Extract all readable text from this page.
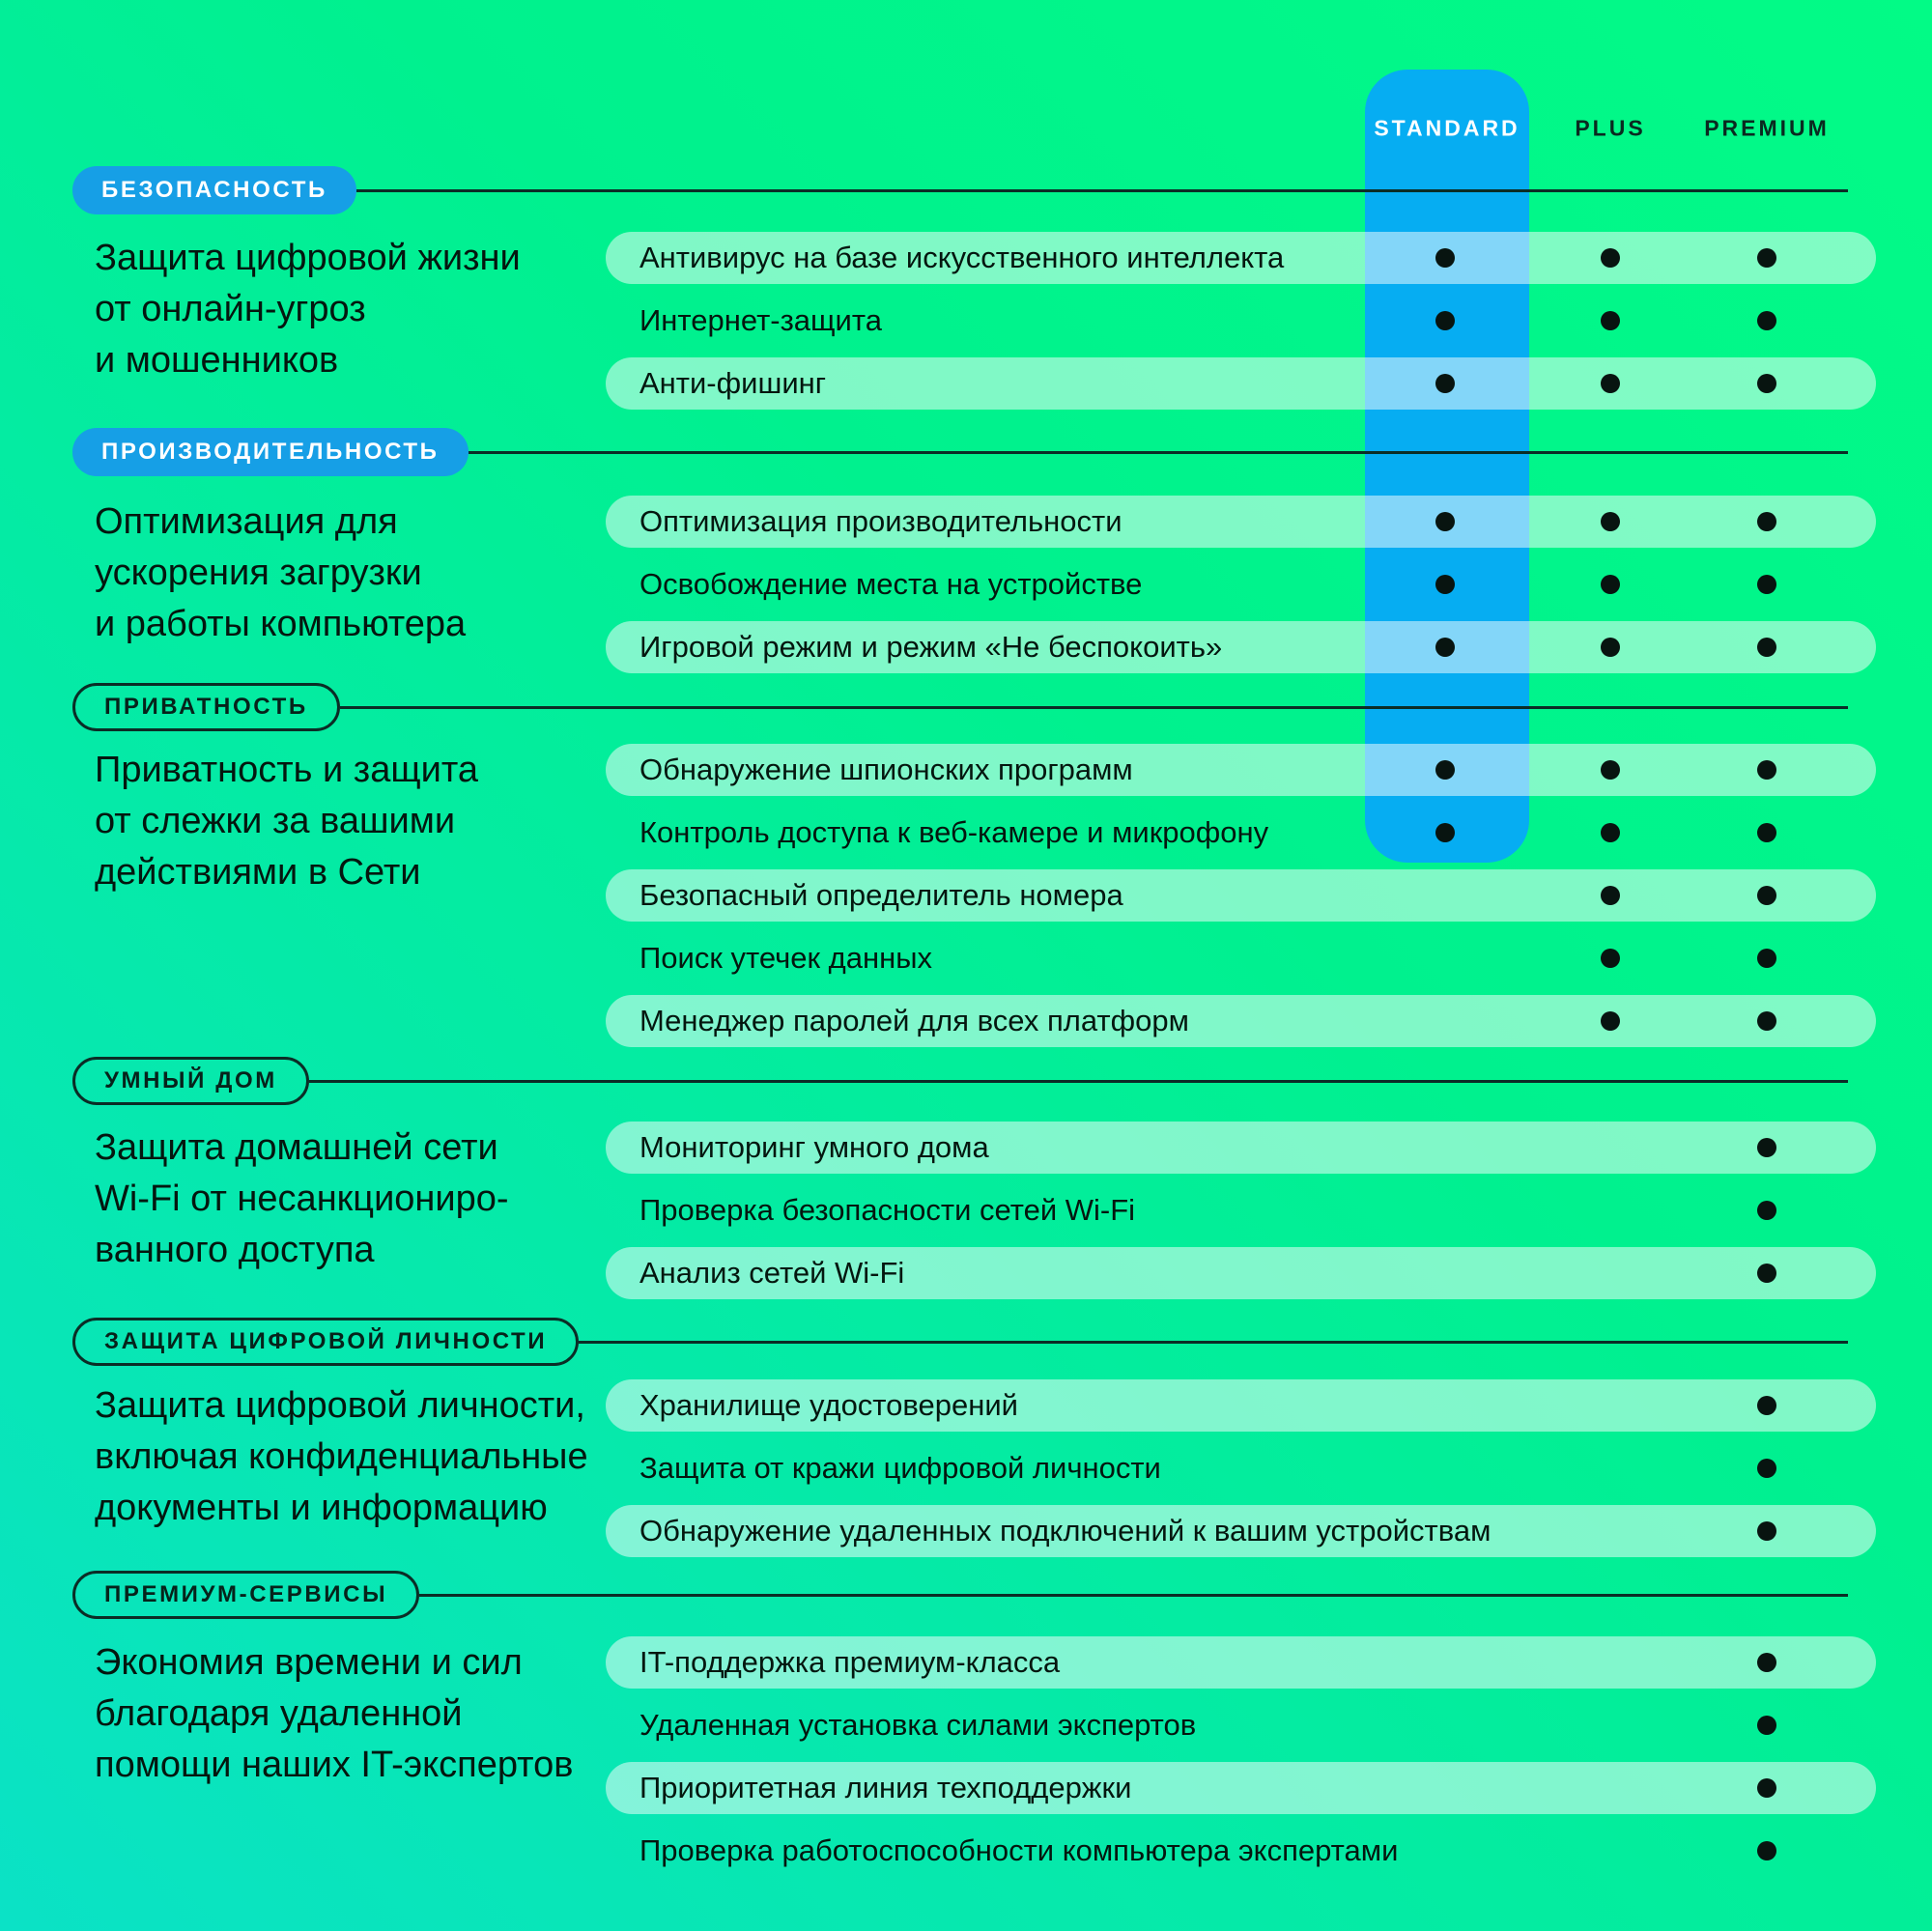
STANDARD PLUS	PREMIUM
БЕЗОПАСНОСТЬ
Защита цифровой жизни
от онлайн-угроз
и мошенников
Антивирус на базе искусственного интеллекта
Интернет-защита
Анти-фишинг
ПРОИЗВОДИТЕЛЬНОСТЬ
Оптимизация для
ускорения загрузки
и работы компьютера
Оптимизация производительности
Освобождение места на устройстве
Игровой режим и режим «Не беспокоить»
ПРИВАТНОСТЬ
Приватность и защита
от слежки за вашими
действиями в Сети
Обнаружение шпионских программ
Контроль доступа к веб-камере и микрофону
Безопасный определитель номера
Поиск утечек данных
Менеджер паролей для всех платформ
УМНЫЙ ДОМ
Защита домашней сети
Wi-Fi от несанкциониро-
ванного доступа
Мониторинг умного дома
Проверка безопасности сетей Wi-Fi
Анализ сетей Wi-Fi
ЗАЩИТА ЦИФРОВОЙ ЛИЧНОСТИ
Защита цифровой личности,
включая конфиденциальные
документы и информацию
Хранилище удостоверений
Защита от кражи цифровой личности
Обнаружение удаленных подключений к вашим устройствам
ПРЕМИУМ-СЕРВИСЫ
Экономия времени и сил
благодаря удаленной
помощи наших IT-экспертов
IT-поддержка премиум-класса
Удаленная установка силами экспертов
Приоритетная линия техподдержки
Проверка работоспособности компьютера экспертами
